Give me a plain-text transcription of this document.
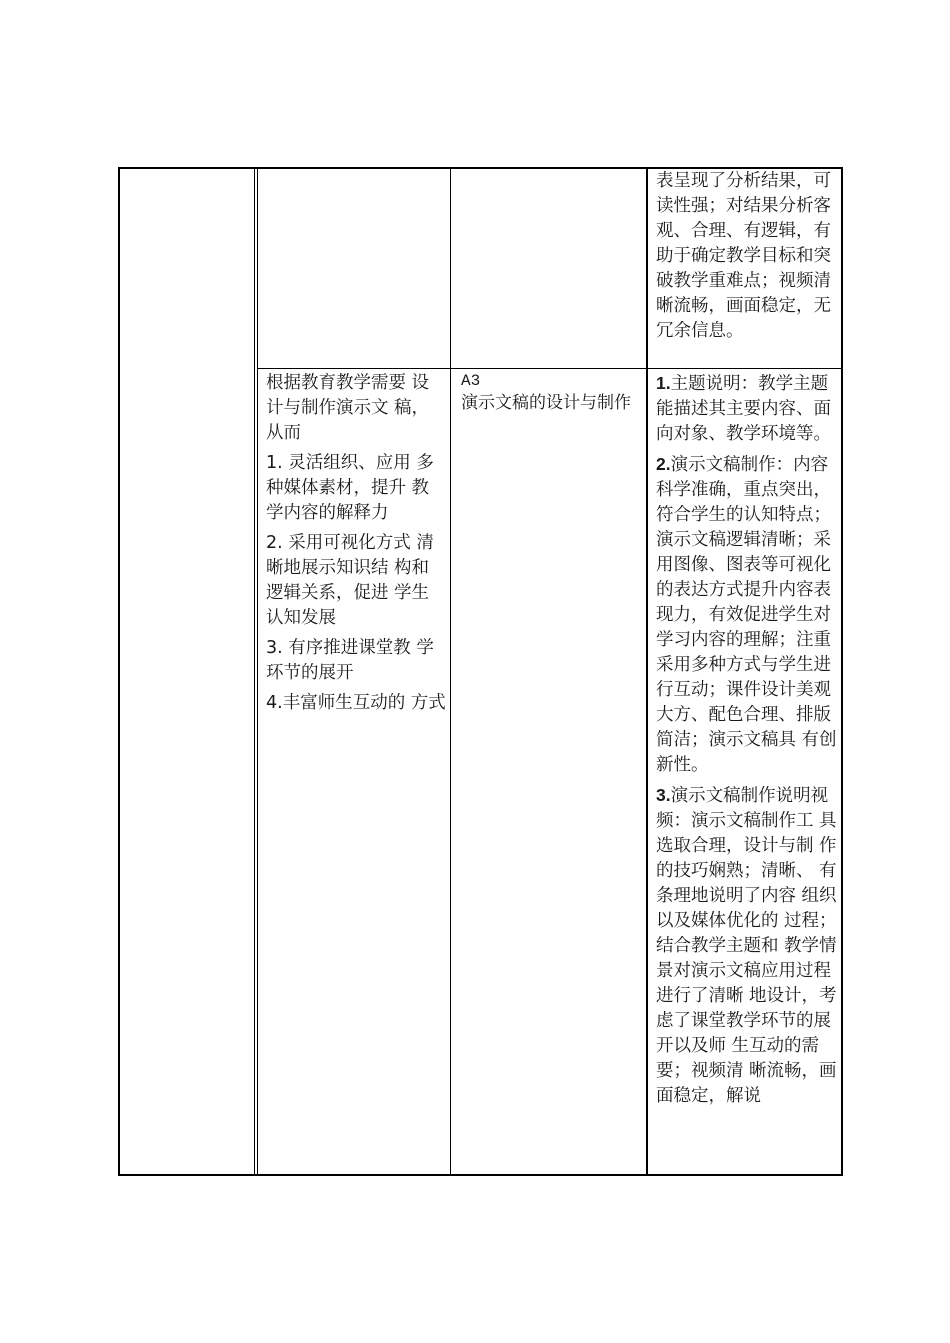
表呈现了分析结果，可读性强；对结果分析客观、合理、有逻辑，有助于确定教学目标和突破教学重难点；视频清晰流畅，画面稳定，无冗余信息。
根据教育教学需要 设计与制作演示文 稿，从而
1. 灵活组织、应用 多种媒体素材，提升 教学内容的解释力
2. 采用可视化方式 清晰地展示知识结 构和逻辑关系，促进 学生认知发展
3. 有序推进课堂教 学环节的展开
4.丰富师生互动的 方式
A3
演示文稿的设计与制作
1.主题说明：教学主题 能描述其主要内容、面向对象、教学环境等。
2.演示文稿制作：内容 科学准确，重点突出，符合学生的认知特点；演示文稿逻辑清晰；采用图像、图表等可视化的表达方式提升内容表现力，有效促进学生对学习内容的理解；注重采用多种方式与学生进行互动；课件设计美观大方、配色合理、排版简洁；演示文稿具 有创新性。
3.演示文稿制作说明视频：演示文稿制作工 具选取合理，设计与制 作的技巧娴熟；清晰、 有条理地说明了内容 组织以及媒体优化的 过程；结合教学主题和 教学情景对演示文稿应用过程进行了清晰 地设计，考虑了课堂教学环节的展开以及师 生互动的需要；视频清 晰流畅，画面稳定，解说
